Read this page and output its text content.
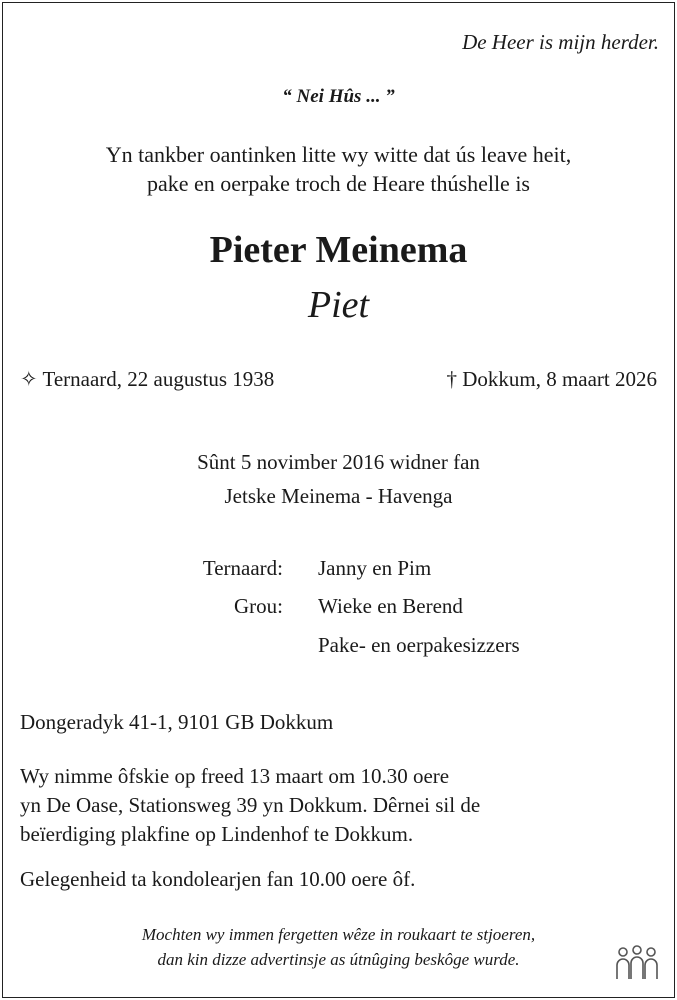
De Heer is mijn herder.
“ Nei Hûs ... ”
Yn tankber oantinken litte wy witte dat ús leave heit,
pake en oerpake troch de Heare thúshelle is
Pieter Meinema
Piet
✧ Ternaard, 22 augustus 1938	† Dokkum, 8 maart 2026
Sûnt 5 novimber 2016 widner fan
Jetske Meinema - Havenga
Ternaard: Janny en Pim
Grou: Wieke en Berend
Pake- en oerpakesizzers
Dongeradyk 41-1, 9101 GB Dokkum
Wy nimme ôfskie op freed 13 maart om 10.30 oere
yn De Oase, Stationsweg 39 yn Dokkum. Dêrnei sil de
beïerdiging plakfine op Lindenhof te Dokkum.
Gelegenheid ta kondolearjen fan 10.00 oere ôf.
Mochten wy immen fergetten wêze in roukaart te stjoeren,
dan kin dizze advertinsje as útnûging beskôge wurde.
